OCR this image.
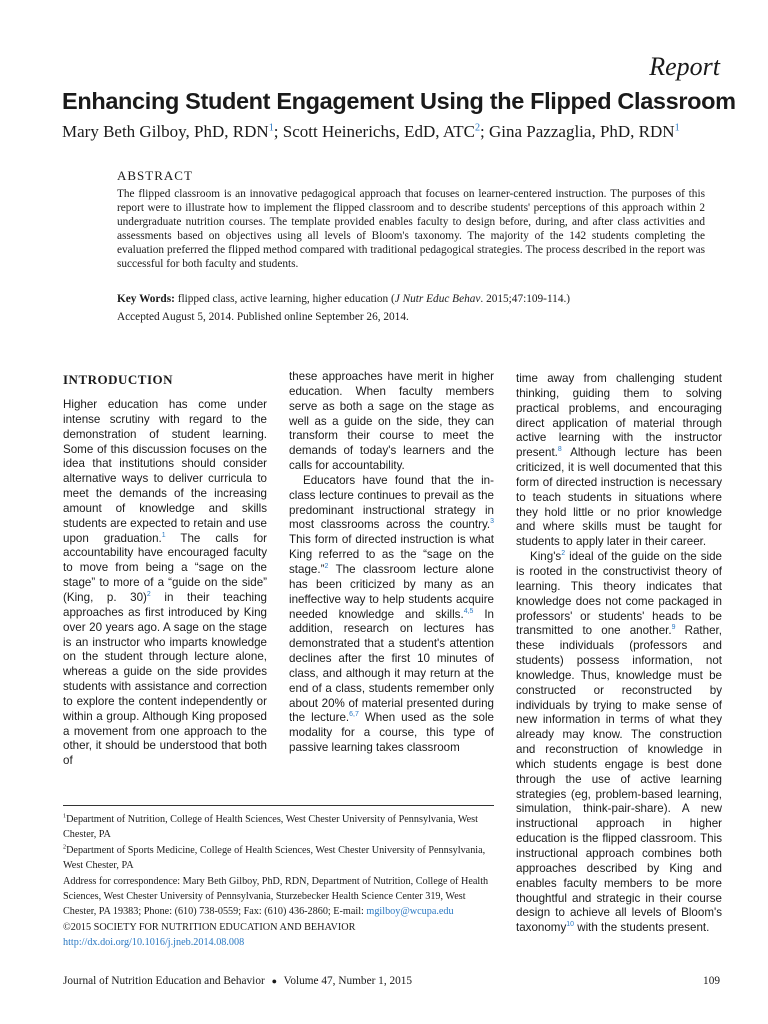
Report
Enhancing Student Engagement Using the Flipped Classroom
Mary Beth Gilboy, PhD, RDN$^1$; Scott Heinerichs, EdD, ATC$^2$; Gina Pazzaglia, PhD, RDN$^1$
ABSTRACT
The flipped classroom is an innovative pedagogical approach that focuses on learner-centered instruction. The purposes of this report were to illustrate how to implement the flipped classroom and to describe students' perceptions of this approach within 2 undergraduate nutrition courses. The template provided enables faculty to design before, during, and after class activities and assessments based on objectives using all levels of Bloom's taxonomy. The majority of the 142 students completing the evaluation preferred the flipped method compared with traditional pedagogical strategies. The process described in the report was successful for both faculty and students.
Key Words: flipped class, active learning, higher education (J Nutr Educ Behav. 2015;47:109-114.)
Accepted August 5, 2014. Published online September 26, 2014.
INTRODUCTION

Higher education has come under intense scrutiny with regard to the demonstration of student learning. Some of this discussion focuses on the idea that institutions should consider alternative ways to deliver curricula to meet the demands of the increasing amount of knowledge and skills students are expected to retain and use upon graduation.$^1$ The calls for accountability have encouraged faculty to move from being a “sage on the stage” to more of a “guide on the side” (King, p. 30)$^2$ in their teaching approaches as first introduced by King over 20 years ago. A sage on the stage is an instructor who imparts knowledge on the student through lecture alone, whereas a guide on the side provides students with assistance and correction to explore the content independently or within a group. Although King proposed a movement from one approach to the other, it should be understood that both of

these approaches have merit in higher education. When faculty members serve as both a sage on the stage as well as a guide on the side, they can transform their course to meet the demands of today's learners and the calls for accountability.

Educators have found that the in-class lecture continues to prevail as the predominant instructional strategy in most classrooms across the country.$^3$ This form of directed instruction is what King referred to as the “sage on the stage.”$^2$ The classroom lecture alone has been criticized by many as an ineffective way to help students acquire needed knowledge and skills.$^{4,5}$ In addition, research on lectures has demonstrated that a student's attention declines after the first 10 minutes of class, and although it may return at the end of a class, students remember only about 20% of material presented during the lecture.$^{6,7}$ When used as the sole modality for a course, this type of passive learning takes classroom

time away from challenging student thinking, guiding them to solving practical problems, and encouraging direct application of material through active learning with the instructor present.$^8$ Although lecture has been criticized, it is well documented that this form of directed instruction is necessary to teach students in situations where they hold little or no prior knowledge and where skills must be taught for students to apply later in their career.

$King's^2$ ideal of the guide on the side is rooted in the constructivist theory of learning. This theory indicates that knowledge does not come packaged in professors' or students' heads to be transmitted to one another.$^9$ Rather, these individuals (professors and students) possess information, not knowledge. Thus, knowledge must be constructed or reconstructed by individuals by trying to make sense of new information in terms of what they already may know. The construction and reconstruction of knowledge in which students engage is best done through the use of active learning strategies (eg, problem-based learning, simulation, think-pair-share). A new instructional approach in higher education is the flipped classroom. This instructional approach combines both approaches described by King and enables faculty members to be more thoughtful and strategic in their course design to achieve all levels of Bloom's taxonomy$^{10}$ with the students present.

$^1$Department of Nutrition, College of Health Sciences, West Chester University of Pennsylvania, West Chester, PA

$^2$Department of Sports Medicine, College of Health Sciences, West Chester University of Pennsylvania, West Chester, PA

Address for correspondence: Mary Beth Gilboy, PhD, RDN, Department of Nutrition, College of Health Sciences, West Chester University of Pennsylvania, Sturzebecker Health Science Center 319, West Chester, PA 19383; Phone: (610) 738-0559; Fax: (610) 436-2860; E-mail: mgilboy@wcupa.edu

©2015 SOCIETY FOR NUTRITION EDUCATION AND BEHAVIOR

http://dx.doi.org/10.1016/j.jneb.2014.08.008

Journal of Nutrition Education and Behavior ● Volume 47, Number 1, 2015	109
